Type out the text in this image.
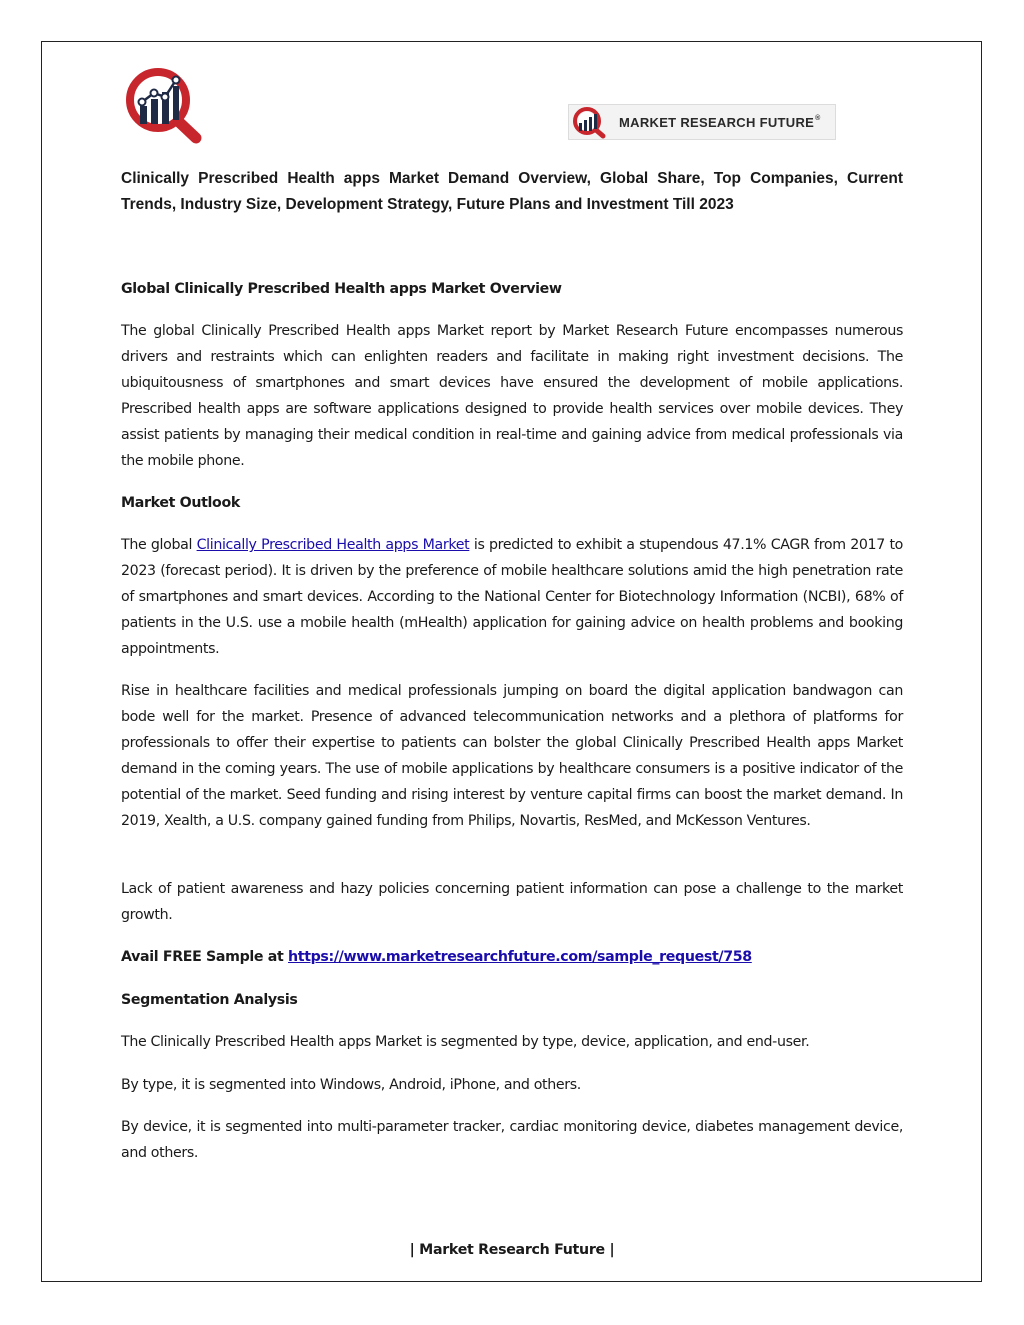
MARKET RESEARCH FUTURE®
Clinically Prescribed Health apps Market Demand Overview, Global Share, Top Companies, Current Trends, Industry Size, Development Strategy, Future Plans and Investment Till 2023
Global Clinically Prescribed Health apps Market Overview
The global Clinically Prescribed Health apps Market report by Market Research Future encompasses numerous drivers and restraints which can enlighten readers and facilitate in making right investment decisions. The ubiquitousness of smartphones and smart devices have ensured the development of mobile applications. Prescribed health apps are software applications designed to provide health services over mobile devices. They assist patients by managing their medical condition in real-time and gaining advice from medical professionals via the mobile phone.
Market Outlook
The global Clinically Prescribed Health apps Market is predicted to exhibit a stupendous 47.1% CAGR from 2017 to 2023 (forecast period). It is driven by the preference of mobile healthcare solutions amid the high penetration rate of smartphones and smart devices. According to the National Center for Biotechnology Information (NCBI), 68% of patients in the U.S. use a mobile health (mHealth) application for gaining advice on health problems and booking appointments.
Rise in healthcare facilities and medical professionals jumping on board the digital application bandwagon can bode well for the market. Presence of advanced telecommunication networks and a plethora of platforms for professionals to offer their expertise to patients can bolster the global Clinically Prescribed Health apps Market demand in the coming years. The use of mobile applications by healthcare consumers is a positive indicator of the potential of the market. Seed funding and rising interest by venture capital firms can boost the market demand. In 2019, Xealth, a U.S. company gained funding from Philips, Novartis, ResMed, and McKesson Ventures.
Lack of patient awareness and hazy policies concerning patient information can pose a challenge to the market growth.
Avail FREE Sample at https://www.marketresearchfuture.com/sample_request/758
Segmentation Analysis
The Clinically Prescribed Health apps Market is segmented by type, device, application, and end-user.
By type, it is segmented into Windows, Android, iPhone, and others.
By device, it is segmented into multi-parameter tracker, cardiac monitoring device, diabetes management device, and others.
| Market Research Future |
